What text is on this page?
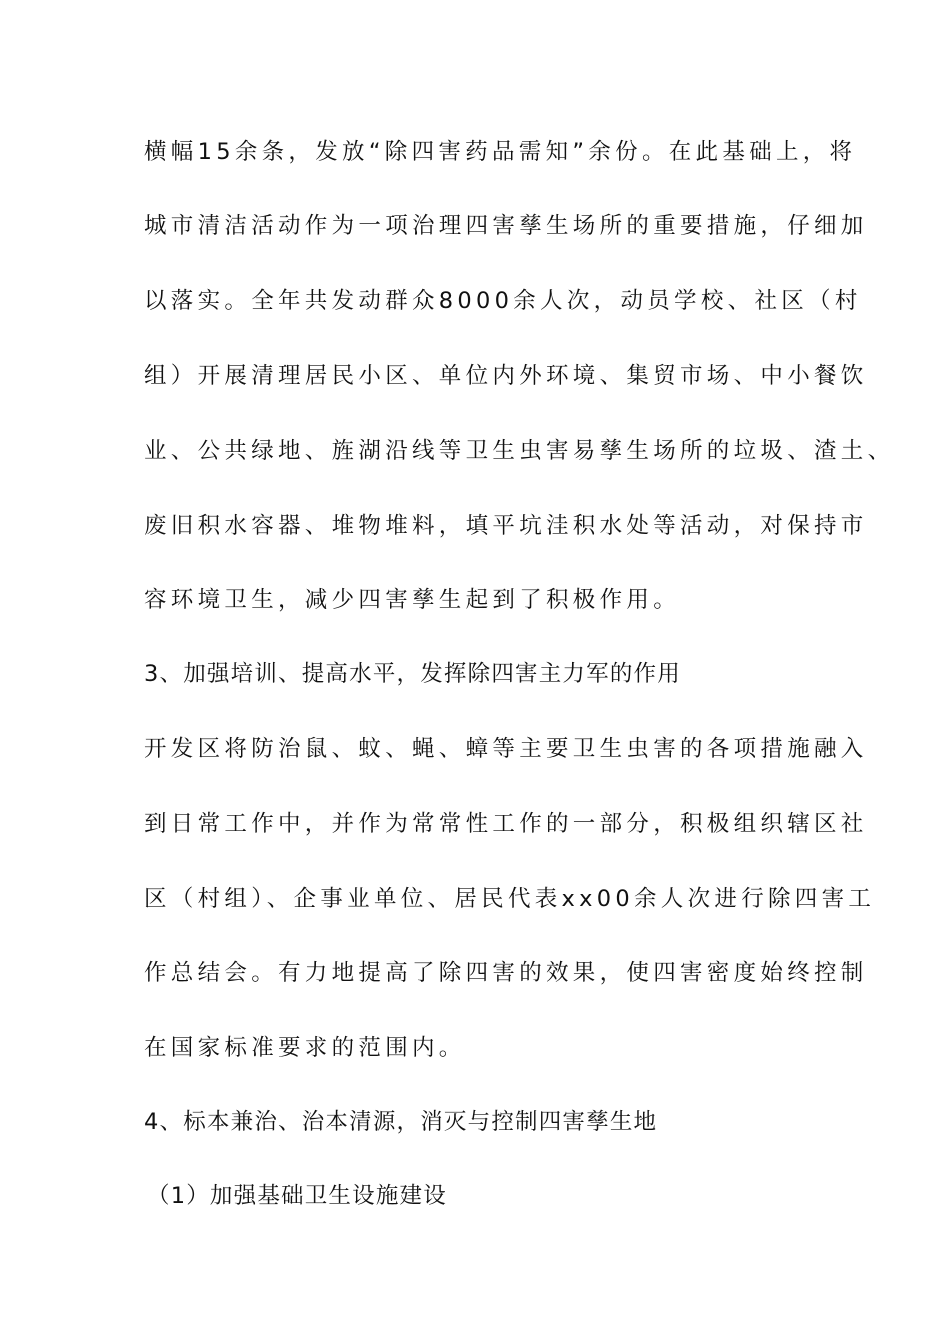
横幅15余条，发放“除四害药品需知”余份。在此基础上，将

城市清洁活动作为一项治理四害孳生场所的重要措施，仔细加

以落实。全年共发动群众8000余人次，动员学校、社区（村

组）开展清理居民小区、单位内外环境、集贸市场、中小餐饮

业、公共绿地、旌湖沿线等卫生虫害易孳生场所的垃圾、渣土、

废旧积水容器、堆物堆料，填平坑洼积水处等活动，对保持市

容环境卫生，减少四害孳生起到了积极作用。

3、加强培训、提高水平，发挥除四害主力军的作用

开发区将防治鼠、蚊、蝇、蟑等主要卫生虫害的各项措施融入

到日常工作中，并作为常常性工作的一部分，积极组织辖区社

区（村组）、企事业单位、居民代表xx00余人次进行除四害工

作总结会。有力地提高了除四害的效果，使四害密度始终控制

在国家标准要求的范围内。

4、标本兼治、治本清源，消灭与控制四害孳生地

（1）加强基础卫生设施建设
